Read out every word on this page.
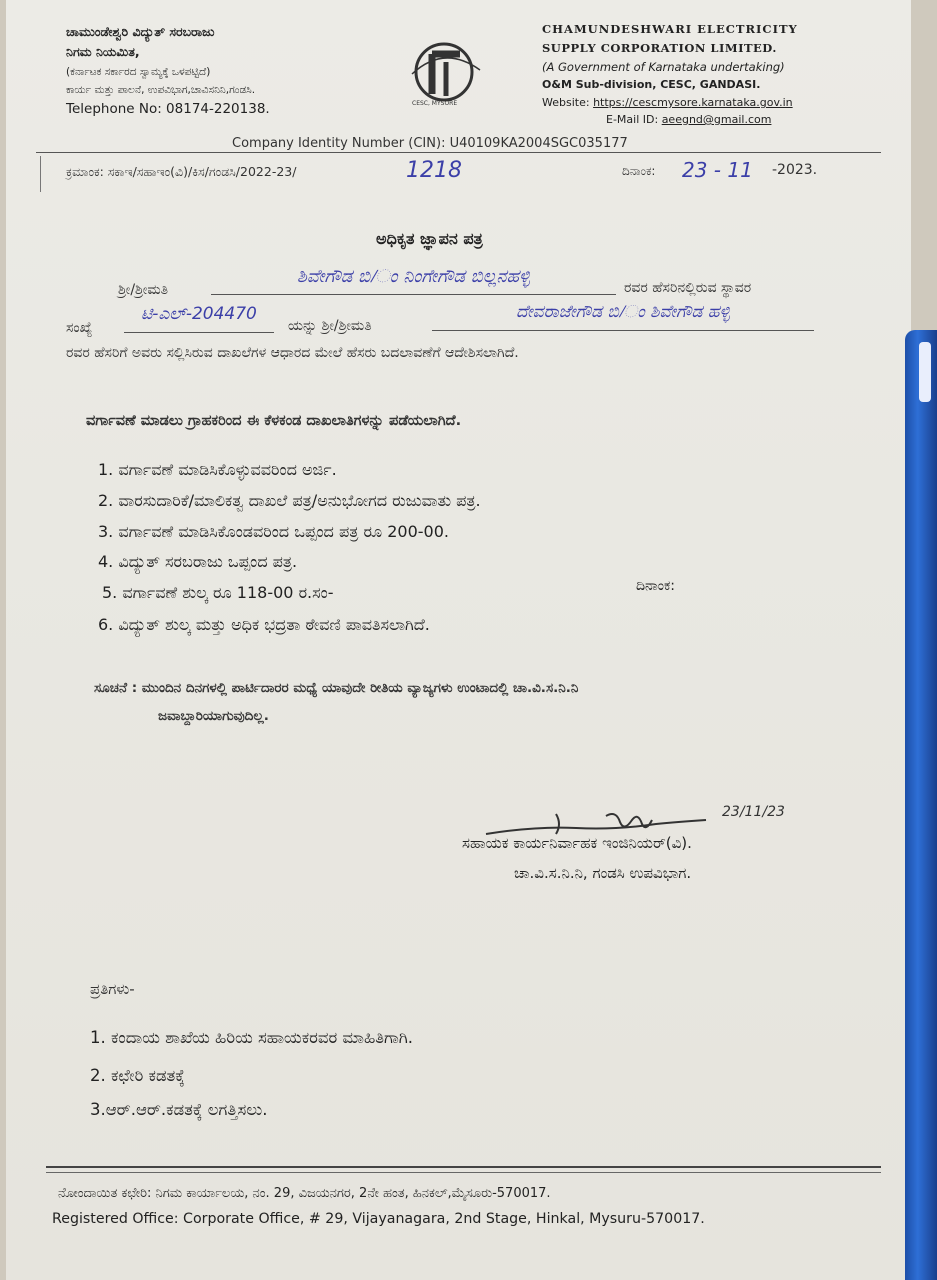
ಚಾಮುಂಡೇಶ್ವರಿ ವಿದ್ಯುತ್ ಸರಬರಾಜು
ನಿಗಮ ನಿಯಮಿತ,
(ಕರ್ನಾಟಕ ಸರ್ಕಾರದ ಸ್ವಾಮ್ಯಕ್ಕೆ ಒಳಪಟ್ಟಿದೆ)
ಕಾರ್ಯ ಮತ್ತು ಪಾಲನೆ, ಉಪವಿಭಾಗ,ಚಾವಿಸನಿನಿ,ಗಂಡಸಿ.
Telephone No: 08174-220138.	CESC, MYSORE
CHAMUNDESHWARI ELECTRICITY
SUPPLY CORPORATION LIMITED.
(A Government of Karnataka undertaking)
O&M Sub-division, CESC, GANDASI.
Website: https://cescmysore.karnataka.gov.in
E-Mail ID: aeegnd@gmail.com
Company Identity Number (CIN): U40109KA2004SGC035177
ಕ್ರಮಾಂಕ: ಸಕಾಇ/ಸಹಾಇಂ(ವಿ)/ಕಿಸ/ಗಂಡಸಿ/2022-23/	1218	ದಿನಾಂಕ: 23 - 11 -2023.
ಅಧಿಕೃತ ಜ್ಞಾಪನ ಪತ್ರ
ಶ್ರೀ/ಶ್ರೀಮತಿ
ಶಿವೇಗೌಡ ಬಿ/ಂ ನಿಂಗೇಗೌಡ ಬಿಲ್ಲನಹಳ್ಳಿ
ರವರ ಹೆಸರಿನಲ್ಲಿರುವ ಸ್ಥಾವರ
ಸಂಖ್ಯೆ
ಟಿ-ಎಲ್-204470
ಯನ್ನು ಶ್ರೀ/ಶ್ರೀಮತಿ
ದೇವರಾಜೇಗೌಡ ಬಿ/ಂ ಶಿವೇಗೌಡ ಹಳ್ಳಿ
ರವರ ಹೆಸರಿಗೆ ಅವರು ಸಲ್ಲಿಸಿರುವ ದಾಖಲೆಗಳ ಆಧಾರದ ಮೇಲೆ ಹೆಸರು ಬದಲಾವಣೆಗೆ ಆದೇಶಿಸಲಾಗಿದೆ.
ವರ್ಗಾವಣೆ ಮಾಡಲು ಗ್ರಾಹಕರಿಂದ ಈ ಕೆಳಕಂಡ ದಾಖಲಾತಿಗಳನ್ನು ಪಡೆಯಲಾಗಿದೆ.
1. ವರ್ಗಾವಣೆ ಮಾಡಿಸಿಕೊಳ್ಳುವವರಿಂದ ಅರ್ಜಿ.
2. ವಾರಸುದಾರಿಕೆ/ಮಾಲಿಕತ್ವ ದಾಖಲೆ ಪತ್ರ/ಅನುಭೋಗದ ರುಜುವಾತು ಪತ್ರ.
3. ವರ್ಗಾವಣೆ ಮಾಡಿಸಿಕೊಂಡವರಿಂದ ಒಪ್ಪಂದ ಪತ್ರ ರೂ 200-00.
4. ವಿದ್ಯುತ್ ಸರಬರಾಜು ಒಪ್ಪಂದ ಪತ್ರ.
5. ವರ್ಗಾವಣೆ ಶುಲ್ಕ ರೂ 118-00 ರ.ಸಂ-	ದಿನಾಂಕ:
6. ವಿದ್ಯುತ್ ಶುಲ್ಕ ಮತ್ತು ಅಧಿಕ ಭದ್ರತಾ ಠೇವಣಿ ಪಾವತಿಸಲಾಗಿದೆ.
ಸೂಚನೆ : ಮುಂದಿನ ದಿನಗಳಲ್ಲಿ ಪಾರ್ಟಿದಾರರ ಮಧ್ಯೆ ಯಾವುದೇ ರೀತಿಯ ವ್ಯಾಜ್ಯಗಳು ಉಂಟಾದಲ್ಲಿ ಚಾ.ವಿ.ಸ.ನಿ.ನಿ
ಜವಾಬ್ದಾರಿಯಾಗುವುದಿಲ್ಲ.
23/11/23
ಸಹಾಯಕ ಕಾರ್ಯನಿರ್ವಾಹಕ ಇಂಜಿನಿಯರ್(ವಿ).
ಚಾ.ವಿ.ಸ.ನಿ.ನಿ, ಗಂಡಸಿ ಉಪವಿಭಾಗ.
ಪ್ರತಿಗಳು-
1. ಕಂದಾಯ ಶಾಖೆಯ ಹಿರಿಯ ಸಹಾಯಕರವರ ಮಾಹಿತಿಗಾಗಿ.
2. ಕಛೇರಿ ಕಡತಕ್ಕೆ
3.ಆರ್.ಆರ್.ಕಡತಕ್ಕೆ ಲಗತ್ತಿಸಲು.
ನೋಂದಾಯಿತ ಕಛೇರಿ: ನಿಗಮ ಕಾರ್ಯಾಲಯ, ನಂ. 29, ವಿಜಯನಗರ, 2ನೇ ಹಂತ, ಹಿನಕಲ್,ಮೈಸೂರು-570017.
Registered Office: Corporate Office, # 29, Vijayanagara, 2nd Stage, Hinkal, Mysuru-570017.
